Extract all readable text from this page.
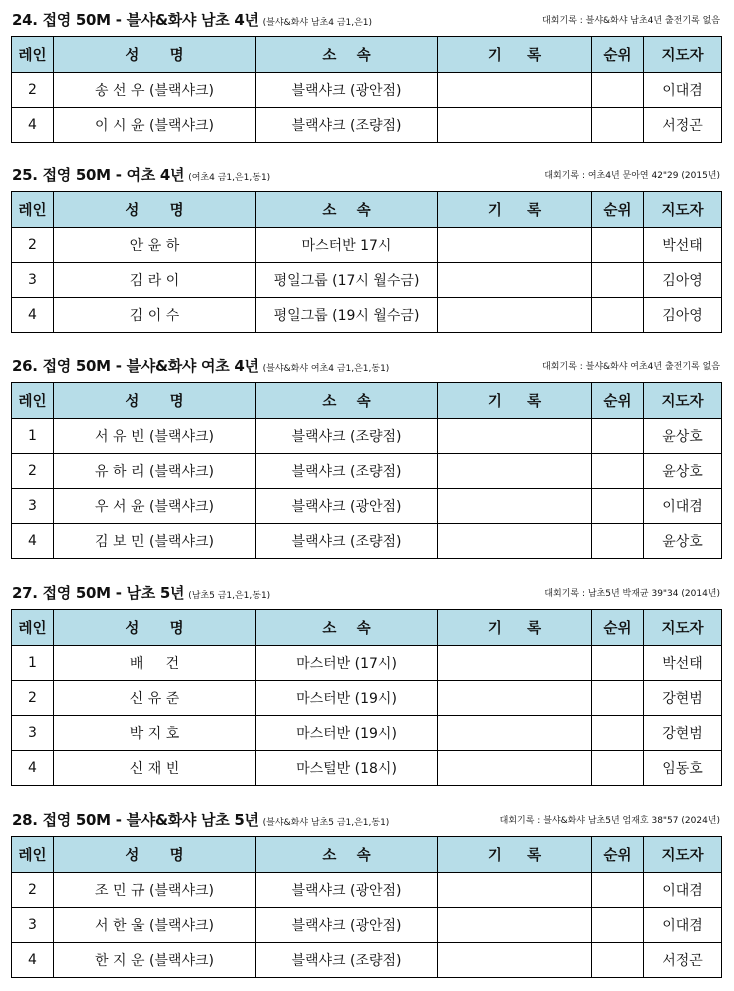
24. 접영 50M - 블샤&화샤 남초 4년 (블샤&화샤 남초4 금1,은1)	대회기록 : 블샤&화샤 남초4년 출전기록 없음
레인	성      명	소    속	기     록	순위	지도자
2	송 선 우 (블랙샤크)	블랙샤크 (광안점)			이대겸
4	이 시 윤 (블랙샤크)	블랙샤크 (조량점)			서정곤
25. 접영 50M - 여초 4년 (여초4 금1,은1,동1)	대회기록 : 여초4년 문아연 42"29 (2015년)
레인	성      명	소    속	기     록	순위	지도자
2	안 윤 하	마스터반 17시			박선태
3	김 라 이	평일그룹 (17시 월수금)			김아영
4	김 이 수	평일그룹 (19시 월수금)			김아영
26. 접영 50M - 블샤&화샤 여초 4년 (블샤&화샤 여초4 금1,은1,동1)	대회기록 : 블샤&화샤 여초4년 출전기록 없음
레인	성      명	소    속	기     록	순위	지도자
1	서 유 빈 (블랙샤크)	블랙샤크 (조량점)			윤상호
2	유 하 리 (블랙샤크)	블랙샤크 (조량점)			윤상호
3	우 서 윤 (블랙샤크)	블랙샤크 (광안점)			이대겸
4	김 보 민 (블랙샤크)	블랙샤크 (조량점)			윤상호
27. 접영 50M - 남초 5년 (남초5 금1,은1,동1)	대회기록 : 남초5년 박재균 39"34 (2014년)
레인	성      명	소    속	기     록	순위	지도자
1	배     건	마스터반 (17시)			박선태
2	신 유 준	마스터반 (19시)			강현범
3	박 지 호	마스터반 (19시)			강현범
4	신 재 빈	마스털반 (18시)			임동호
28. 접영 50M - 블샤&화샤 남초 5년 (블샤&화샤 남초5 금1,은1,동1)	대회기록 : 블샤&화샤 남초5년 엄재호 38"57 (2024년)
레인	성      명	소    속	기     록	순위	지도자
2	조 민 규 (블랙샤크)	블랙샤크 (광안점)			이대겸
3	서 한 울 (블랙샤크)	블랙샤크 (광안점)			이대겸
4	한 지 운 (블랙샤크)	블랙샤크 (조량점)			서정곤
